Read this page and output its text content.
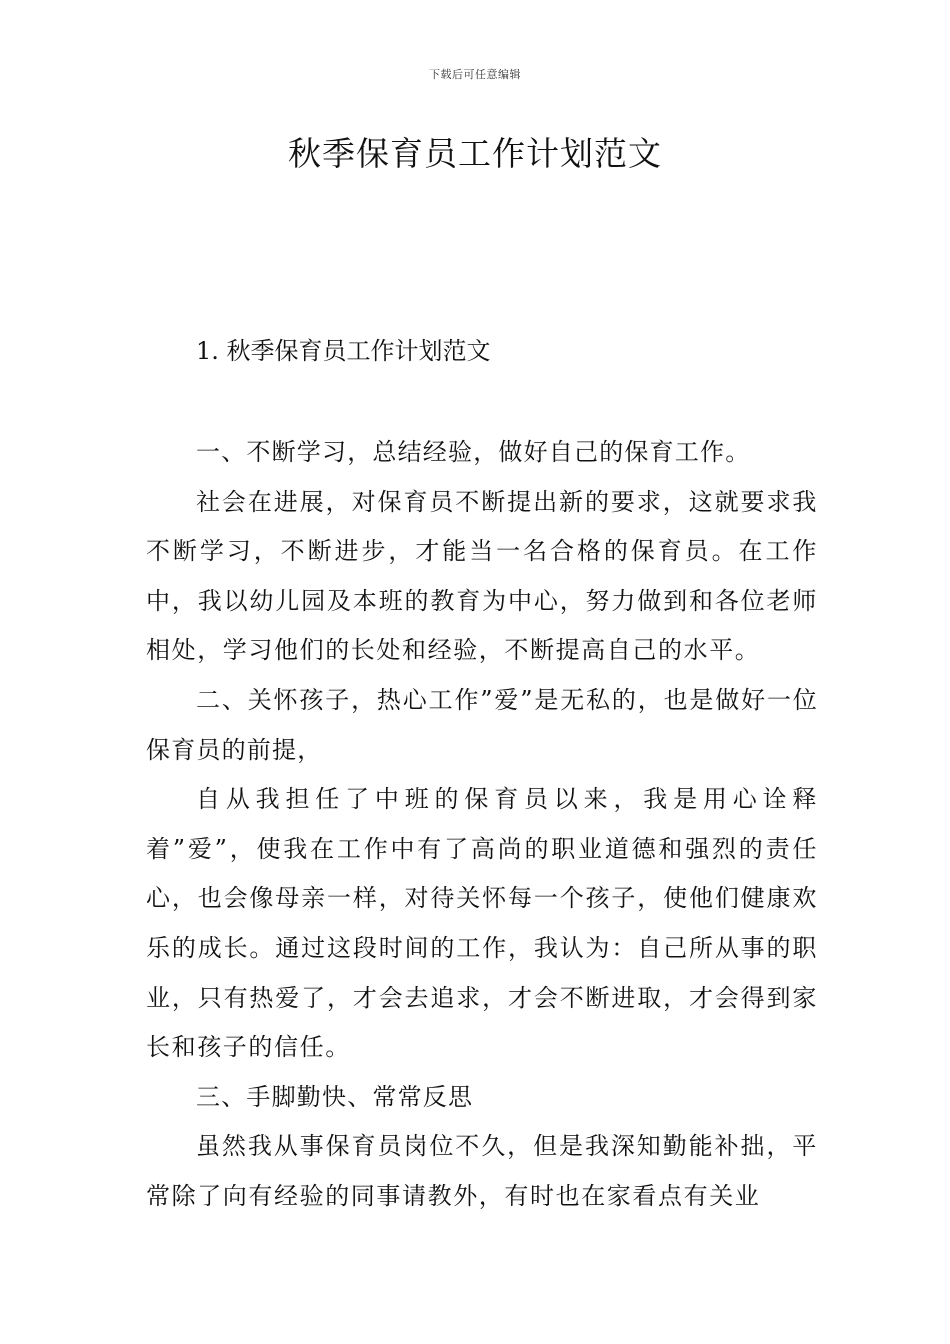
下载后可任意编辑
秋季保育员工作计划范文
1. 秋季保育员工作计划范文

一、不断学习，总结经验，做好自己的保育工作。

社会在进展，对保育员不断提出新的要求，这就要求我不断学习，不断进步，才能当一名合格的保育员。在工作中，我以幼儿园及本班的教育为中心，努力做到和各位老师相处，学习他们的长处和经验，不断提高自己的水平。

二、关怀孩子，热心工作”爱”是无私的，也是做好一位保育员的前提，

自从我担任了中班的保育员以来，我是用心诠释着”爱”，使我在工作中有了高尚的职业道德和强烈的责任心，也会像母亲一样，对待关怀每一个孩子，使他们健康欢乐的成长。通过这段时间的工作，我认为：自己所从事的职业，只有热爱了，才会去追求，才会不断进取，才会得到家长和孩子的信任。

三、手脚勤快、常常反思

虽然我从事保育员岗位不久，但是我深知勤能补拙，平常除了向有经验的同事请教外，有时也在家看点有关业
